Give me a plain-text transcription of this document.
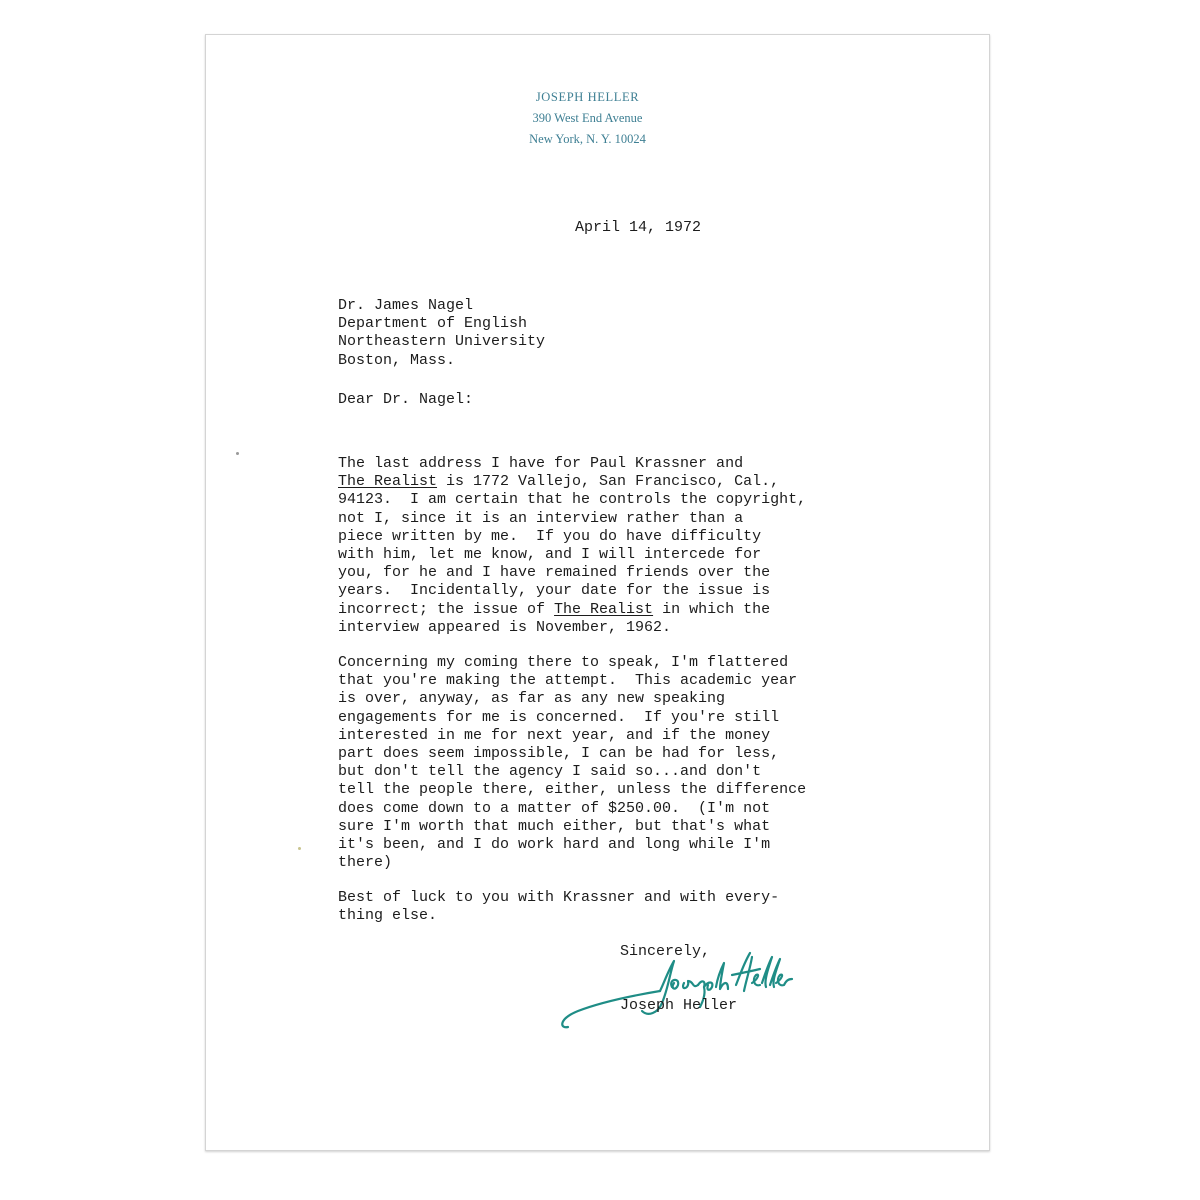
JOSEPH HELLER
390 West End Avenue
New York, N. Y. 10024
April 14, 1972
Dr. James Nagel
Department of English
Northeastern University
Boston, Mass.
Dear Dr. Nagel:
The last address I have for Paul Krassner and
The Realist is 1772 Vallejo, San Francisco, Cal.,
94123.  I am certain that he controls the copyright,
not I, since it is an interview rather than a
piece written by me.  If you do have difficulty
with him, let me know, and I will intercede for
you, for he and I have remained friends over the
years.  Incidentally, your date for the issue is
incorrect; the issue of The Realist in which the
interview appeared is November, 1962.
Concerning my coming there to speak, I'm flattered
that you're making the attempt.  This academic year
is over, anyway, as far as any new speaking
engagements for me is concerned.  If you're still
interested in me for next year, and if the money
part does seem impossible, I can be had for less,
but don't tell the agency I said so...and don't
tell the people there, either, unless the difference
does come down to a matter of $250.00.  (I'm not
sure I'm worth that much either, but that's what
it's been, and I do work hard and long while I'm
there)
Best of luck to you with Krassner and with every-
thing else.
Sincerely,
Joseph Heller
